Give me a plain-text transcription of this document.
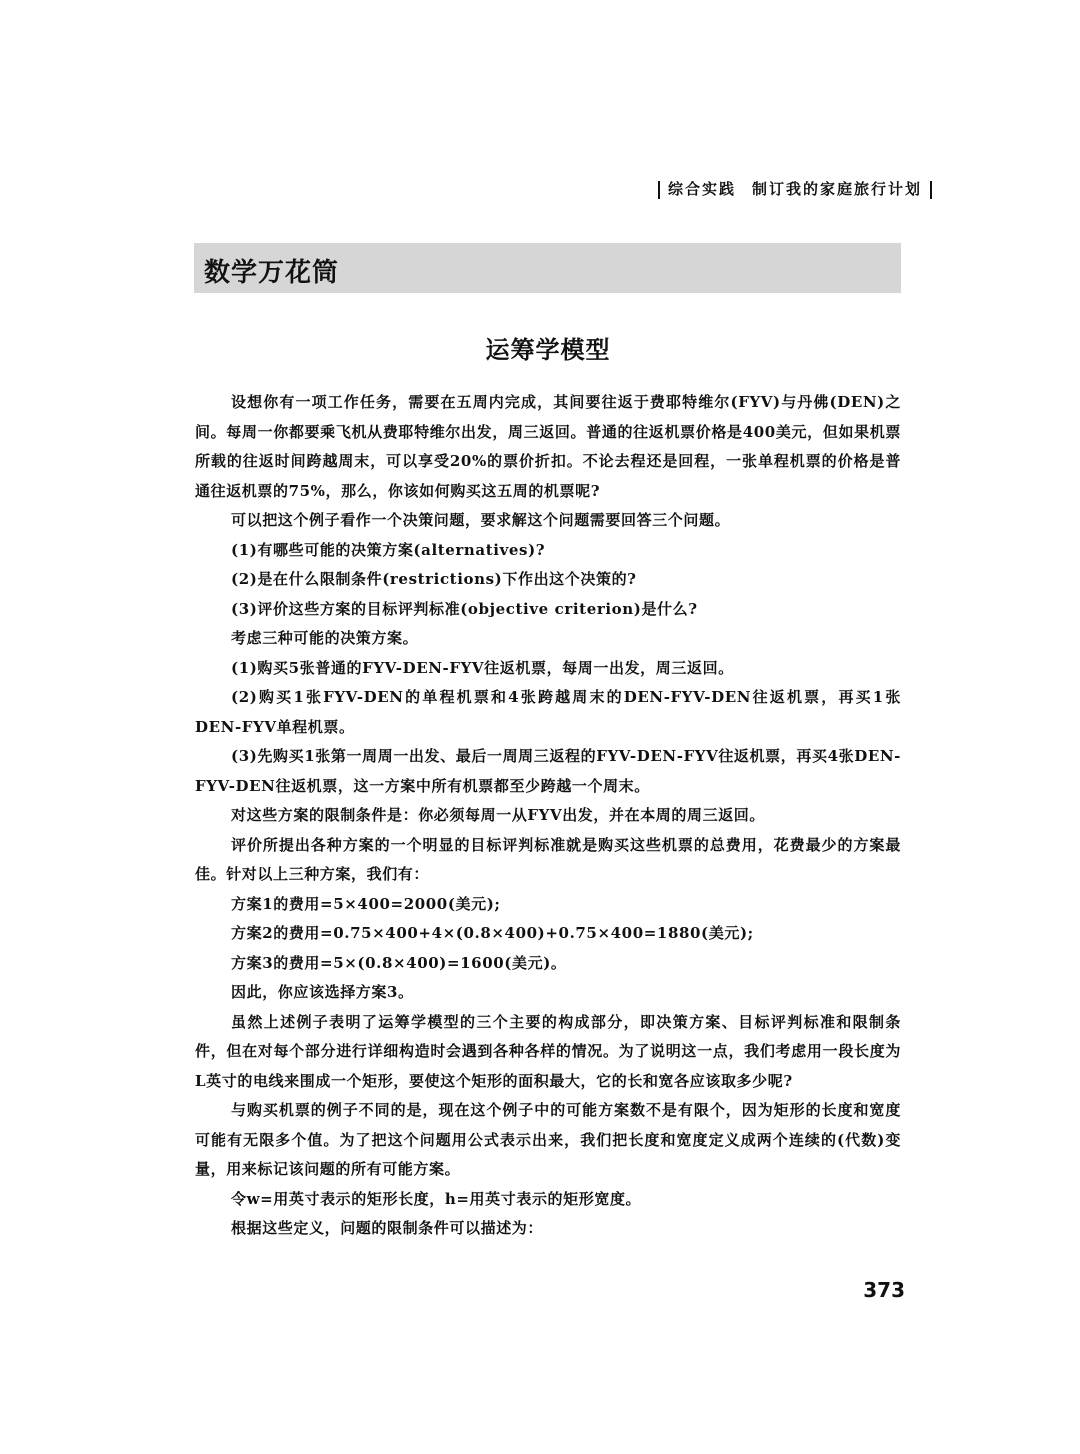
综合实践 制订我的家庭旅行计划
数学万花筒
运筹学模型

设想你有一项工作任务，需要在五周内完成，其间要往返于费耶特维尔(FYV)与丹佛(DEN)之间。每周一你都要乘飞机从费耶特维尔出发，周三返回。普通的往返机票价格是400美元，但如果机票所载的往返时间跨越周末，可以享受20%的票价折扣。不论去程还是回程，一张单程机票的价格是普通往返机票的75%，那么，你该如何购买这五周的机票呢?

可以把这个例子看作一个决策问题，要求解这个问题需要回答三个问题。

(1)有哪些可能的决策方案(alternatives)?

(2)是在什么限制条件(restrictions)下作出这个决策的?

(3)评价这些方案的目标评判标准(objective criterion)是什么?

考虑三种可能的决策方案。

(1)购买5张普通的FYV-DEN-FYV往返机票，每周一出发，周三返回。

(2)购买1张FYV-DEN的单程机票和4张跨越周末的DEN-FYV-DEN往返机票，再买1张DEN-FYV单程机票。

(3)先购买1张第一周周一出发、最后一周周三返程的FYV-DEN-FYV往返机票，再买4张DEN-FYV-DEN往返机票，这一方案中所有机票都至少跨越一个周末。

对这些方案的限制条件是：你必须每周一从FYV出发，并在本周的周三返回。

评价所提出各种方案的一个明显的目标评判标准就是购买这些机票的总费用，花费最少的方案最佳。针对以上三种方案，我们有：

方案1的费用=5×400=2000(美元);

方案2的费用=0.75×400+4×(0.8×400)+0.75×400=1880(美元);

方案3的费用=5×(0.8×400)=1600(美元)。

因此，你应该选择方案3。

虽然上述例子表明了运筹学模型的三个主要的构成部分，即决策方案、目标评判标准和限制条件，但在对每个部分进行详细构造时会遇到各种各样的情况。为了说明这一点，我们考虑用一段长度为L英寸的电线来围成一个矩形，要使这个矩形的面积最大，它的长和宽各应该取多少呢?

与购买机票的例子不同的是，现在这个例子中的可能方案数不是有限个，因为矩形的长度和宽度可能有无限多个值。为了把这个问题用公式表示出来，我们把长度和宽度定义成两个连续的(代数)变量，用来标记该问题的所有可能方案。

令w=用英寸表示的矩形长度，h=用英寸表示的矩形宽度。

根据这些定义，问题的限制条件可以描述为：

373
